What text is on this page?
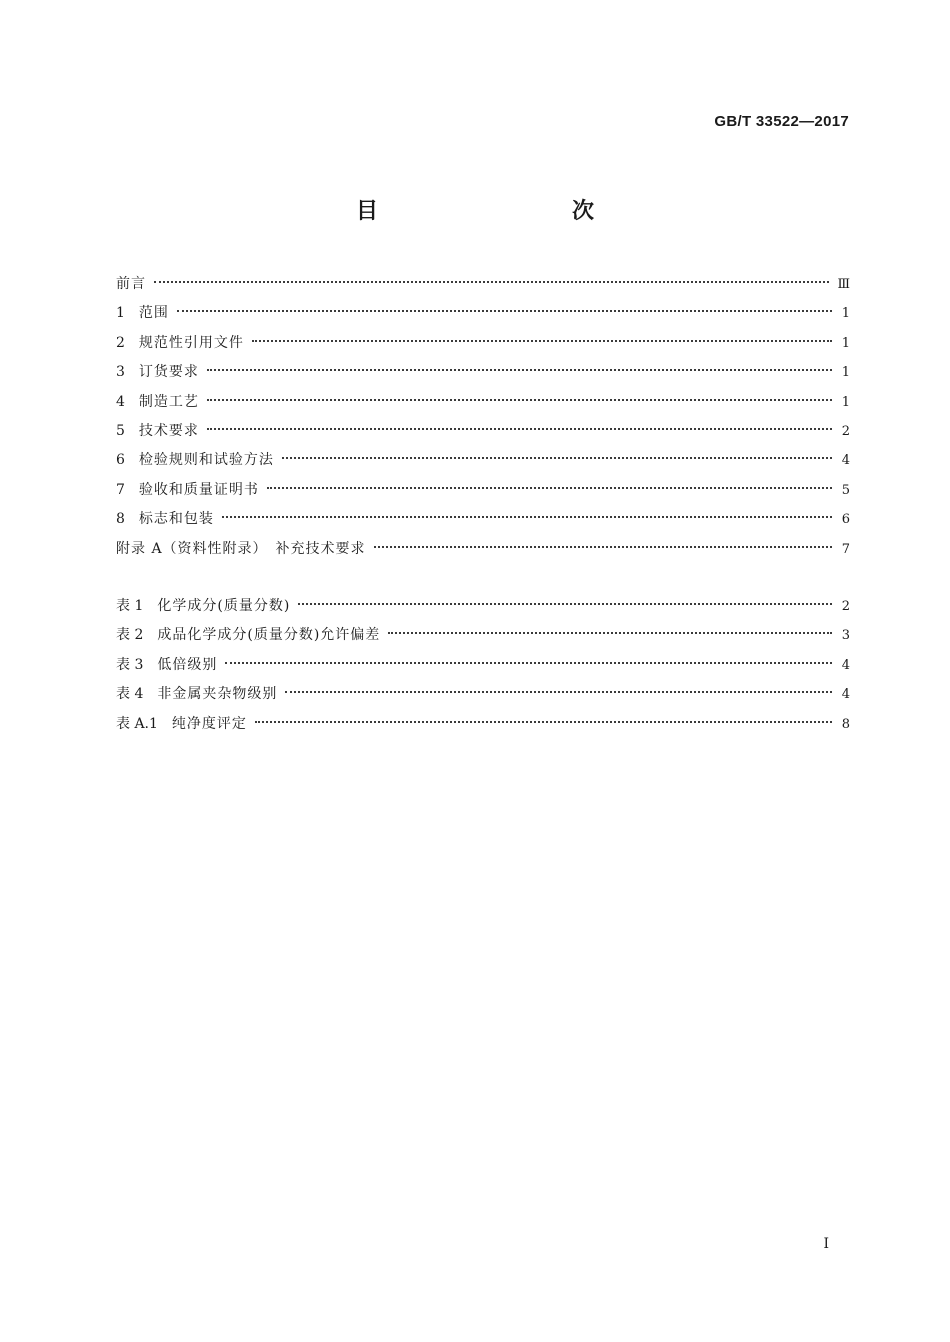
GB/T 33522—2017
目　　次
前言	Ⅲ
1 范围	1
2 规范性引用文件	1
3 订货要求	1
4 制造工艺	1
5 技术要求	2
6 检验规则和试验方法	4
7 验收和质量证明书	5
8 标志和包装	6
附录 A（资料性附录）　补充技术要求	7
表 1 化学成分(质量分数)	2
表 2 成品化学成分(质量分数)允许偏差	3
表 3 低倍级别	4
表 4 非金属夹杂物级别	4
表 A.1 纯净度评定	8
I
